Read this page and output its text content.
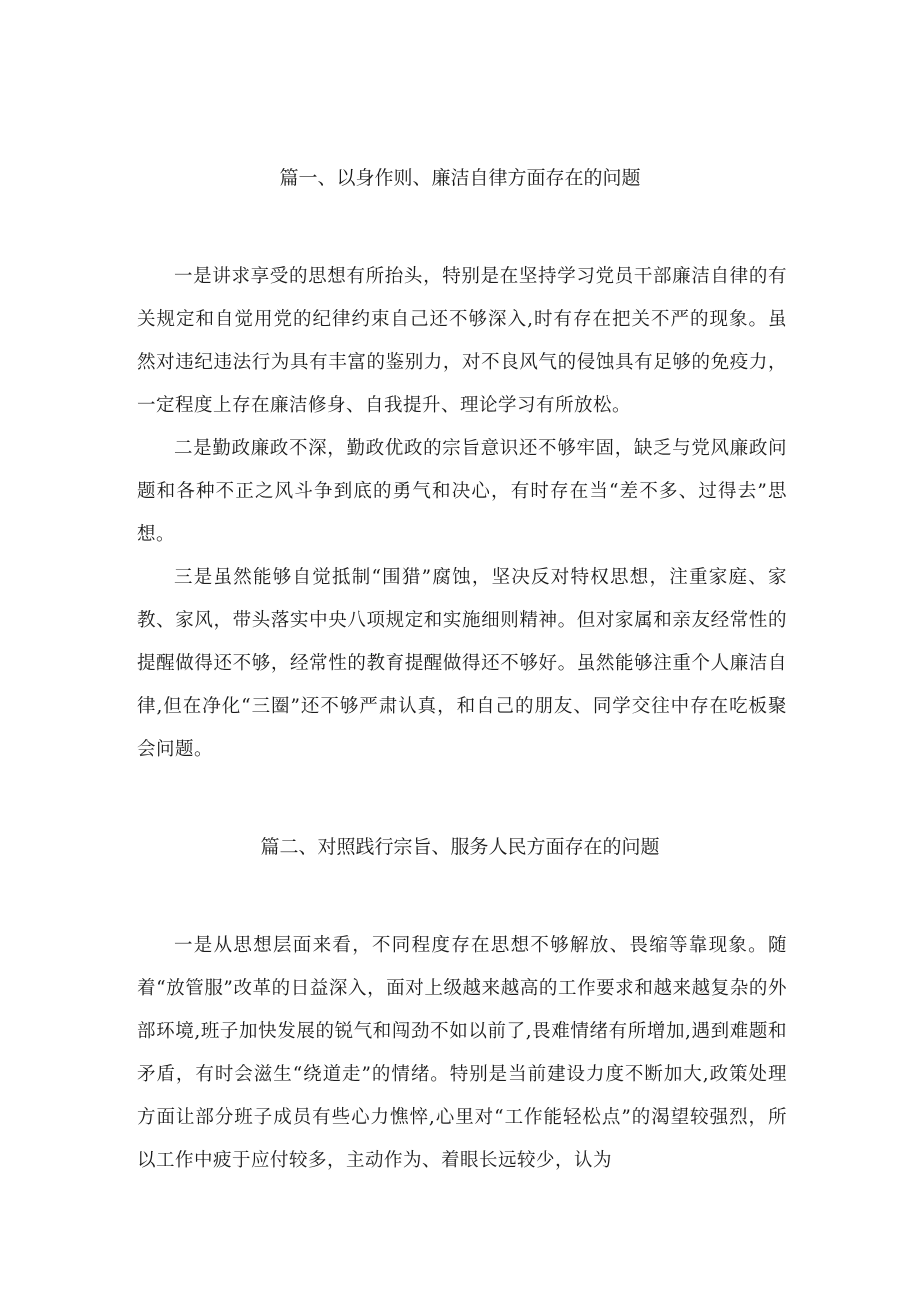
篇一、以身作则、廉洁自律方面存在的问题

一是讲求享受的思想有所抬头，特别是在坚持学习党员干部廉洁自律的有关规定和自觉用党的纪律约束自己还不够深入,时有存在把关不严的现象。虽然对违纪违法行为具有丰富的鉴别力，对不良风气的侵蚀具有足够的免疫力，一定程度上存在廉洁修身、自我提升、理论学习有所放松。

二是勤政廉政不深，勤政优政的宗旨意识还不够牢固，缺乏与党风廉政问题和各种不正之风斗争到底的勇气和决心，有时存在当“差不多、过得去”思想。

三是虽然能够自觉抵制“围猎”腐蚀，坚决反对特权思想，注重家庭、家教、家风，带头落实中央八项规定和实施细则精神。但对家属和亲友经常性的提醒做得还不够，经常性的教育提醒做得还不够好。虽然能够注重个人廉洁自律,但在净化“三圈”还不够严肃认真，和自己的朋友、同学交往中存在吃板聚会问题。

篇二、对照践行宗旨、服务人民方面存在的问题

一是从思想层面来看，不同程度存在思想不够解放、畏缩等靠现象。随着“放管服”改革的日益深入，面对上级越来越高的工作要求和越来越复杂的外部环境,班子加快发展的锐气和闯劲不如以前了,畏难情绪有所增加,遇到难题和矛盾，有时会滋生“绕道走”的情绪。特别是当前建设力度不断加大,政策处理方面让部分班子成员有些心力憔悴,心里对“工作能轻松点”的渴望较强烈，所以工作中疲于应付较多，主动作为、着眼长远较少，认为
